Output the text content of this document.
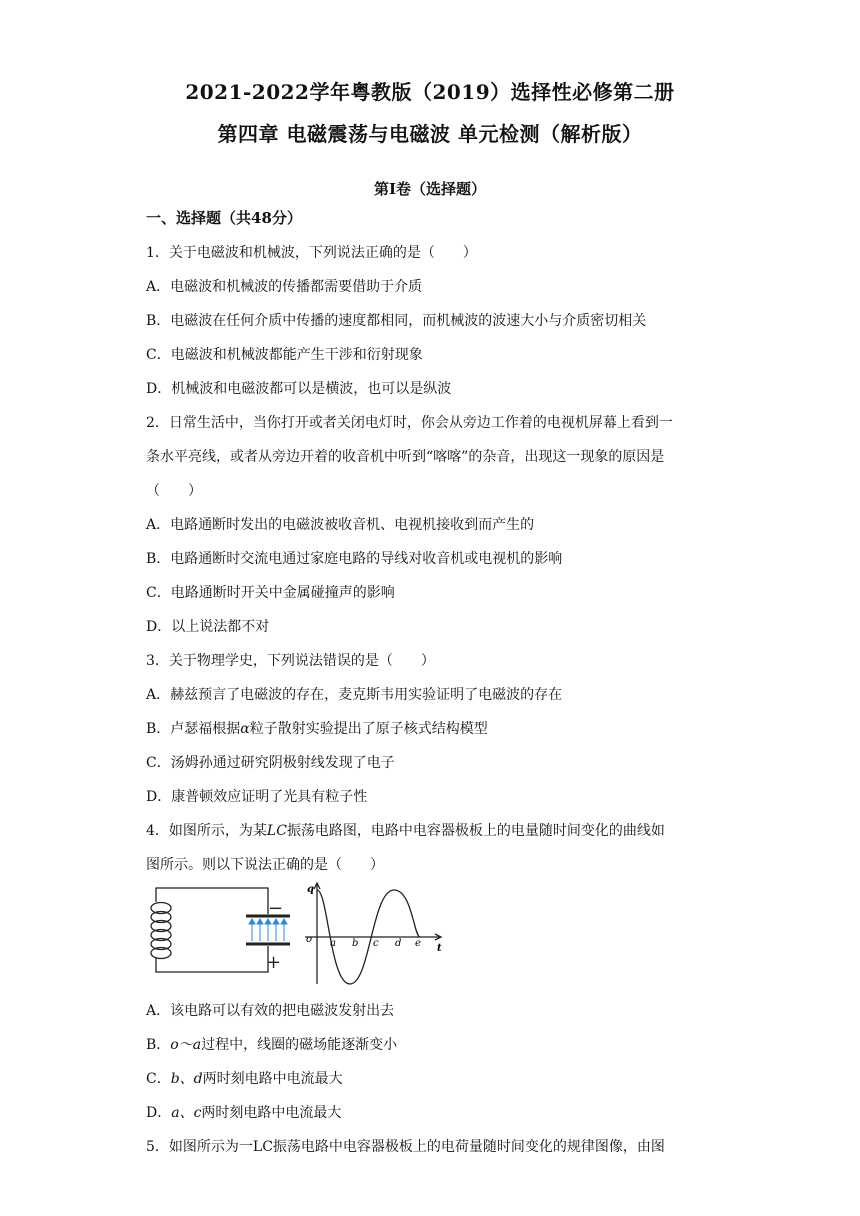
2021-2022学年粤教版（2019）选择性必修第二册
第四章 电磁震荡与电磁波 单元检测（解析版）
第Ⅰ卷（选择题）
一、选择题（共48分）
1．关于电磁波和机械波，下列说法正确的是（　　）
A．电磁波和机械波的传播都需要借助于介质
B．电磁波在任何介质中传播的速度都相同，而机械波的波速大小与介质密切相关
C．电磁波和机械波都能产生干涉和衍射现象
D．机械波和电磁波都可以是横波，也可以是纵波
2．日常生活中，当你打开或者关闭电灯时，你会从旁边工作着的电视机屏幕上看到一
条水平亮线，或者从旁边开着的收音机中听到“喀喀”的杂音，出现这一现象的原因是
（　　）
A．电路通断时发出的电磁波被收音机、电视机接收到而产生的
B．电路通断时交流电通过家庭电路的导线对收音机或电视机的影响
C．电路通断时开关中金属碰撞声的影响
D．以上说法都不对
3．关于物理学史，下列说法错误的是（　　）
A．赫兹预言了电磁波的存在，麦克斯韦用实验证明了电磁波的存在
B．卢瑟福根据α粒子散射实验提出了原子核式结构模型
C．汤姆孙通过研究阴极射线发现了电子
D．康普顿效应证明了光具有粒子性
4．如图所示，为某LC振荡电路图，电路中电容器极板上的电量随时间变化的曲线如
图所示。则以下说法正确的是（　　）
−
+
q
t
o a b c d e
A．该电路可以有效的把电磁波发射出去
B．o～a过程中，线圈的磁场能逐渐变小
C．b、d两时刻电路中电流最大
D．a、c两时刻电路中电流最大
5．如图所示为一LC振荡电路中电容器极板上的电荷量随时间变化的规律图像，由图
